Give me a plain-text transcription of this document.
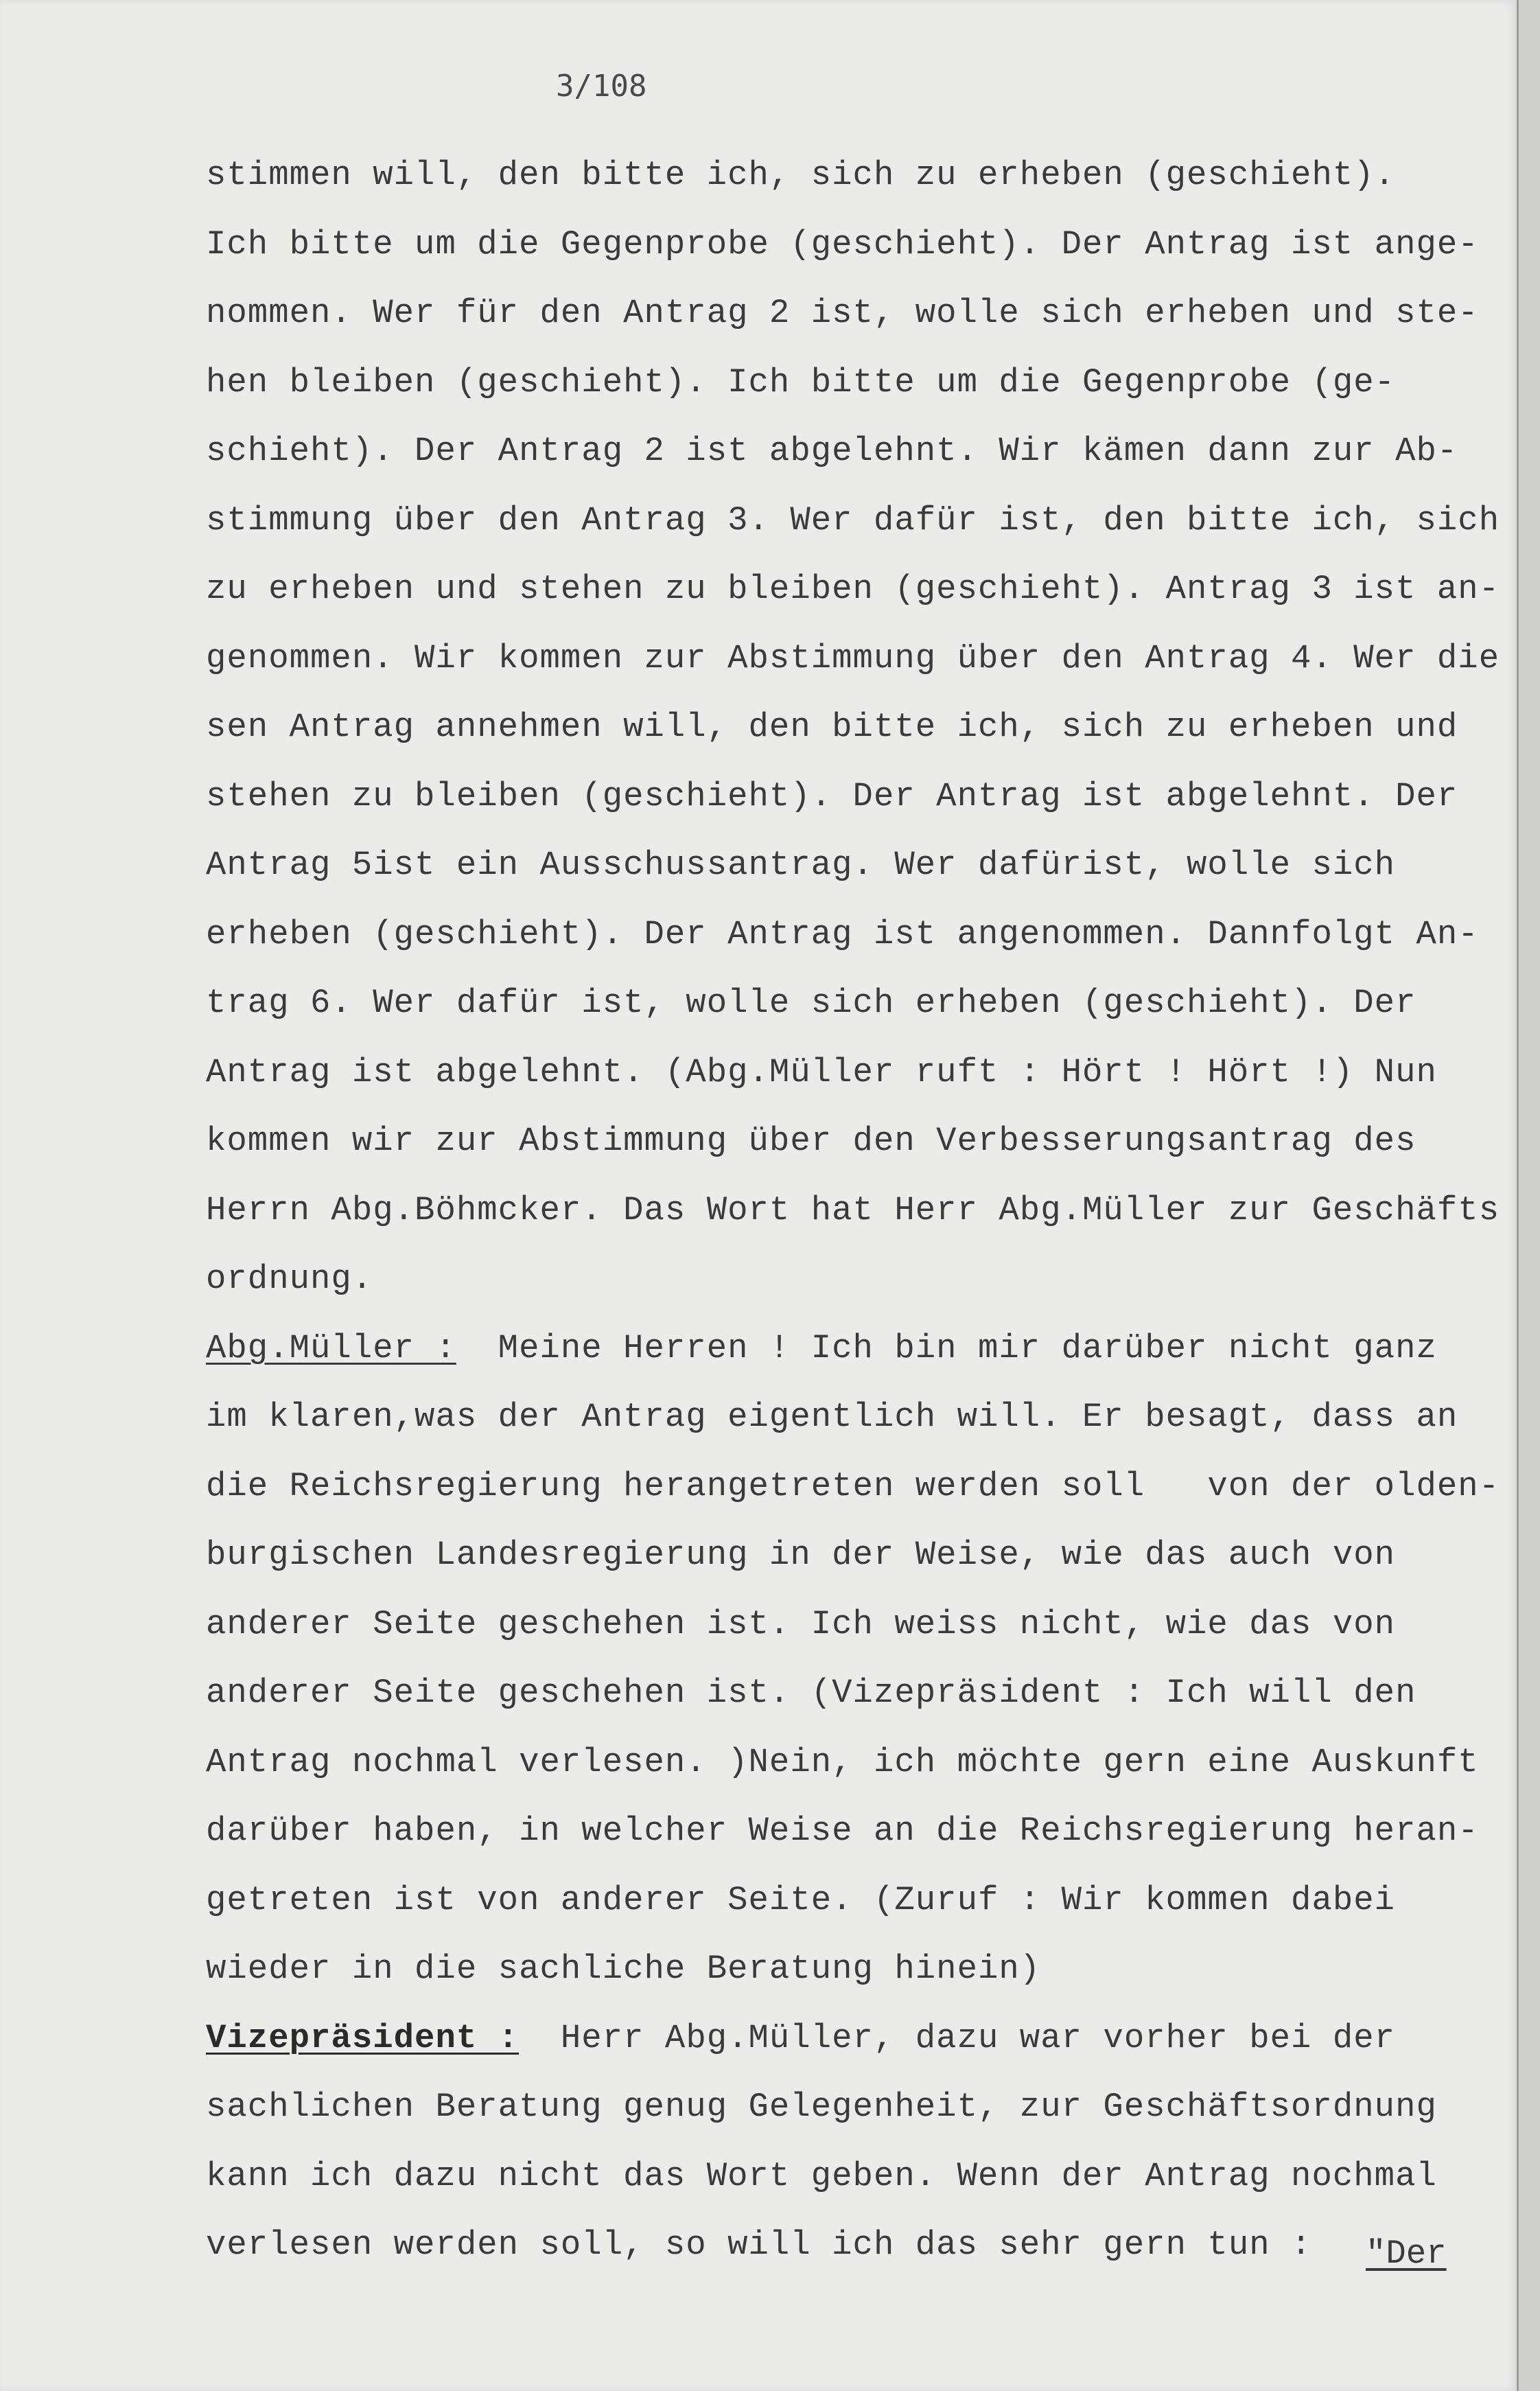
3/108
stimmen will, den bitte ich, sich zu erheben (geschieht).
Ich bitte um die Gegenprobe (geschieht). Der Antrag ist ange-
nommen. Wer für den Antrag 2 ist, wolle sich erheben und ste-
hen bleiben (geschieht). Ich bitte um die Gegenprobe (ge-
schieht). Der Antrag 2 ist abgelehnt. Wir kämen dann zur Ab-
stimmung über den Antrag 3. Wer dafür ist, den bitte ich, sich
zu erheben und stehen zu bleiben (geschieht). Antrag 3 ist an-
genommen. Wir kommen zur Abstimmung über den Antrag 4. Wer die
sen Antrag annehmen will, den bitte ich, sich zu erheben und
stehen zu bleiben (geschieht). Der Antrag ist abgelehnt. Der
Antrag 5ist ein Ausschussantrag. Wer dafürist, wolle sich
erheben (geschieht). Der Antrag ist angenommen. Dannfolgt An-
trag 6. Wer dafür ist, wolle sich erheben (geschieht). Der
Antrag ist abgelehnt. (Abg.Müller ruft : Hört ! Hört !) Nun
kommen wir zur Abstimmung über den Verbesserungsantrag des
Herrn Abg.Böhmcker. Das Wort hat Herr Abg.Müller zur Geschäfts
ordnung.
Abg.Müller :  Meine Herren ! Ich bin mir darüber nicht ganz
im klaren,was der Antrag eigentlich will. Er besagt, dass an
die Reichsregierung herangetreten werden soll   von der olden-
burgischen Landesregierung in der Weise, wie das auch von
anderer Seite geschehen ist. Ich weiss nicht, wie das von
anderer Seite geschehen ist. (Vizepräsident : Ich will den
Antrag nochmal verlesen. )Nein, ich möchte gern eine Auskunft
darüber haben, in welcher Weise an die Reichsregierung heran-
getreten ist von anderer Seite. (Zuruf : Wir kommen dabei
wieder in die sachliche Beratung hinein)
Vizepräsident :  Herr Abg.Müller, dazu war vorher bei der
sachlichen Beratung genug Gelegenheit, zur Geschäftsordnung
kann ich dazu nicht das Wort geben. Wenn der Antrag nochmal
verlesen werden soll, so will ich das sehr gern tun :	"Der
